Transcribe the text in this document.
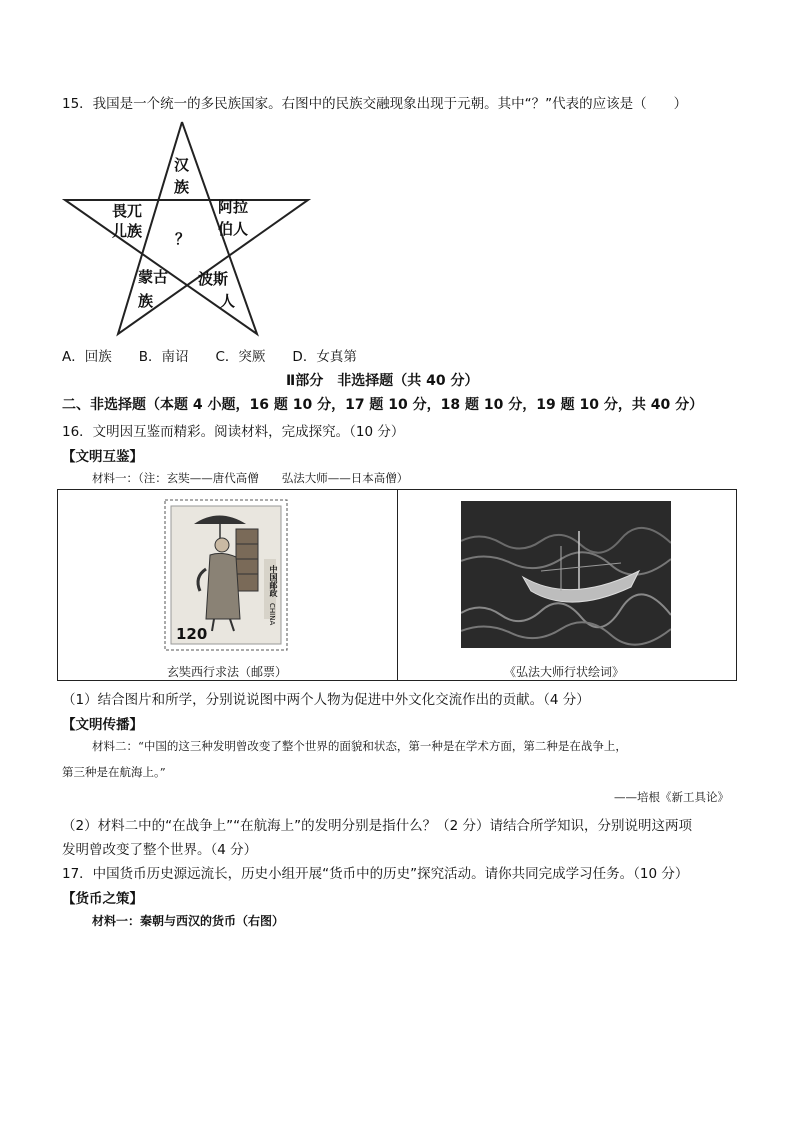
15．我国是一个统一的多民族国家。右图中的民族交融现象出现于元朝。其中“？”代表的应该是（　　）
汉
族
畏兀
儿族
阿拉
伯人
？
蒙古
族
波斯
人
A．回族　　B．南诏　　C．突厥　　D．女真第
Ⅱ部分　非选择题（共 40 分）
二、非选择题（本题 4 小题，16 题 10 分，17 题 10 分，18 题 10 分，19 题 10 分，共 40 分）
16．文明因互鉴而精彩。阅读材料，完成探究。（10 分）
【文明互鉴】
材料一：（注：玄奘——唐代高僧　　弘法大师——日本高僧）
120
中国邮政
CHINA
玄奘西行求法（邮票）	《弘法大师行状绘词》
（1）结合图片和所学，分别说说图中两个人物为促进中外文化交流作出的贡献。（4 分）
【文明传播】
材料二：“中国的这三种发明曾改变了整个世界的面貌和状态，第一种是在学术方面，第二种是在战争上，
第三种是在航海上。”
——培根《新工具论》
（2）材料二中的“在战争上”“在航海上”的发明分别是指什么？（2 分）请结合所学知识，分别说明这两项
发明曾改变了整个世界。（4 分）
17．中国货币历史源远流长，历史小组开展“货币中的历史”探究活动。请你共同完成学习任务。（10 分）
【货币之策】
材料一：秦朝与西汉的货币（右图）
